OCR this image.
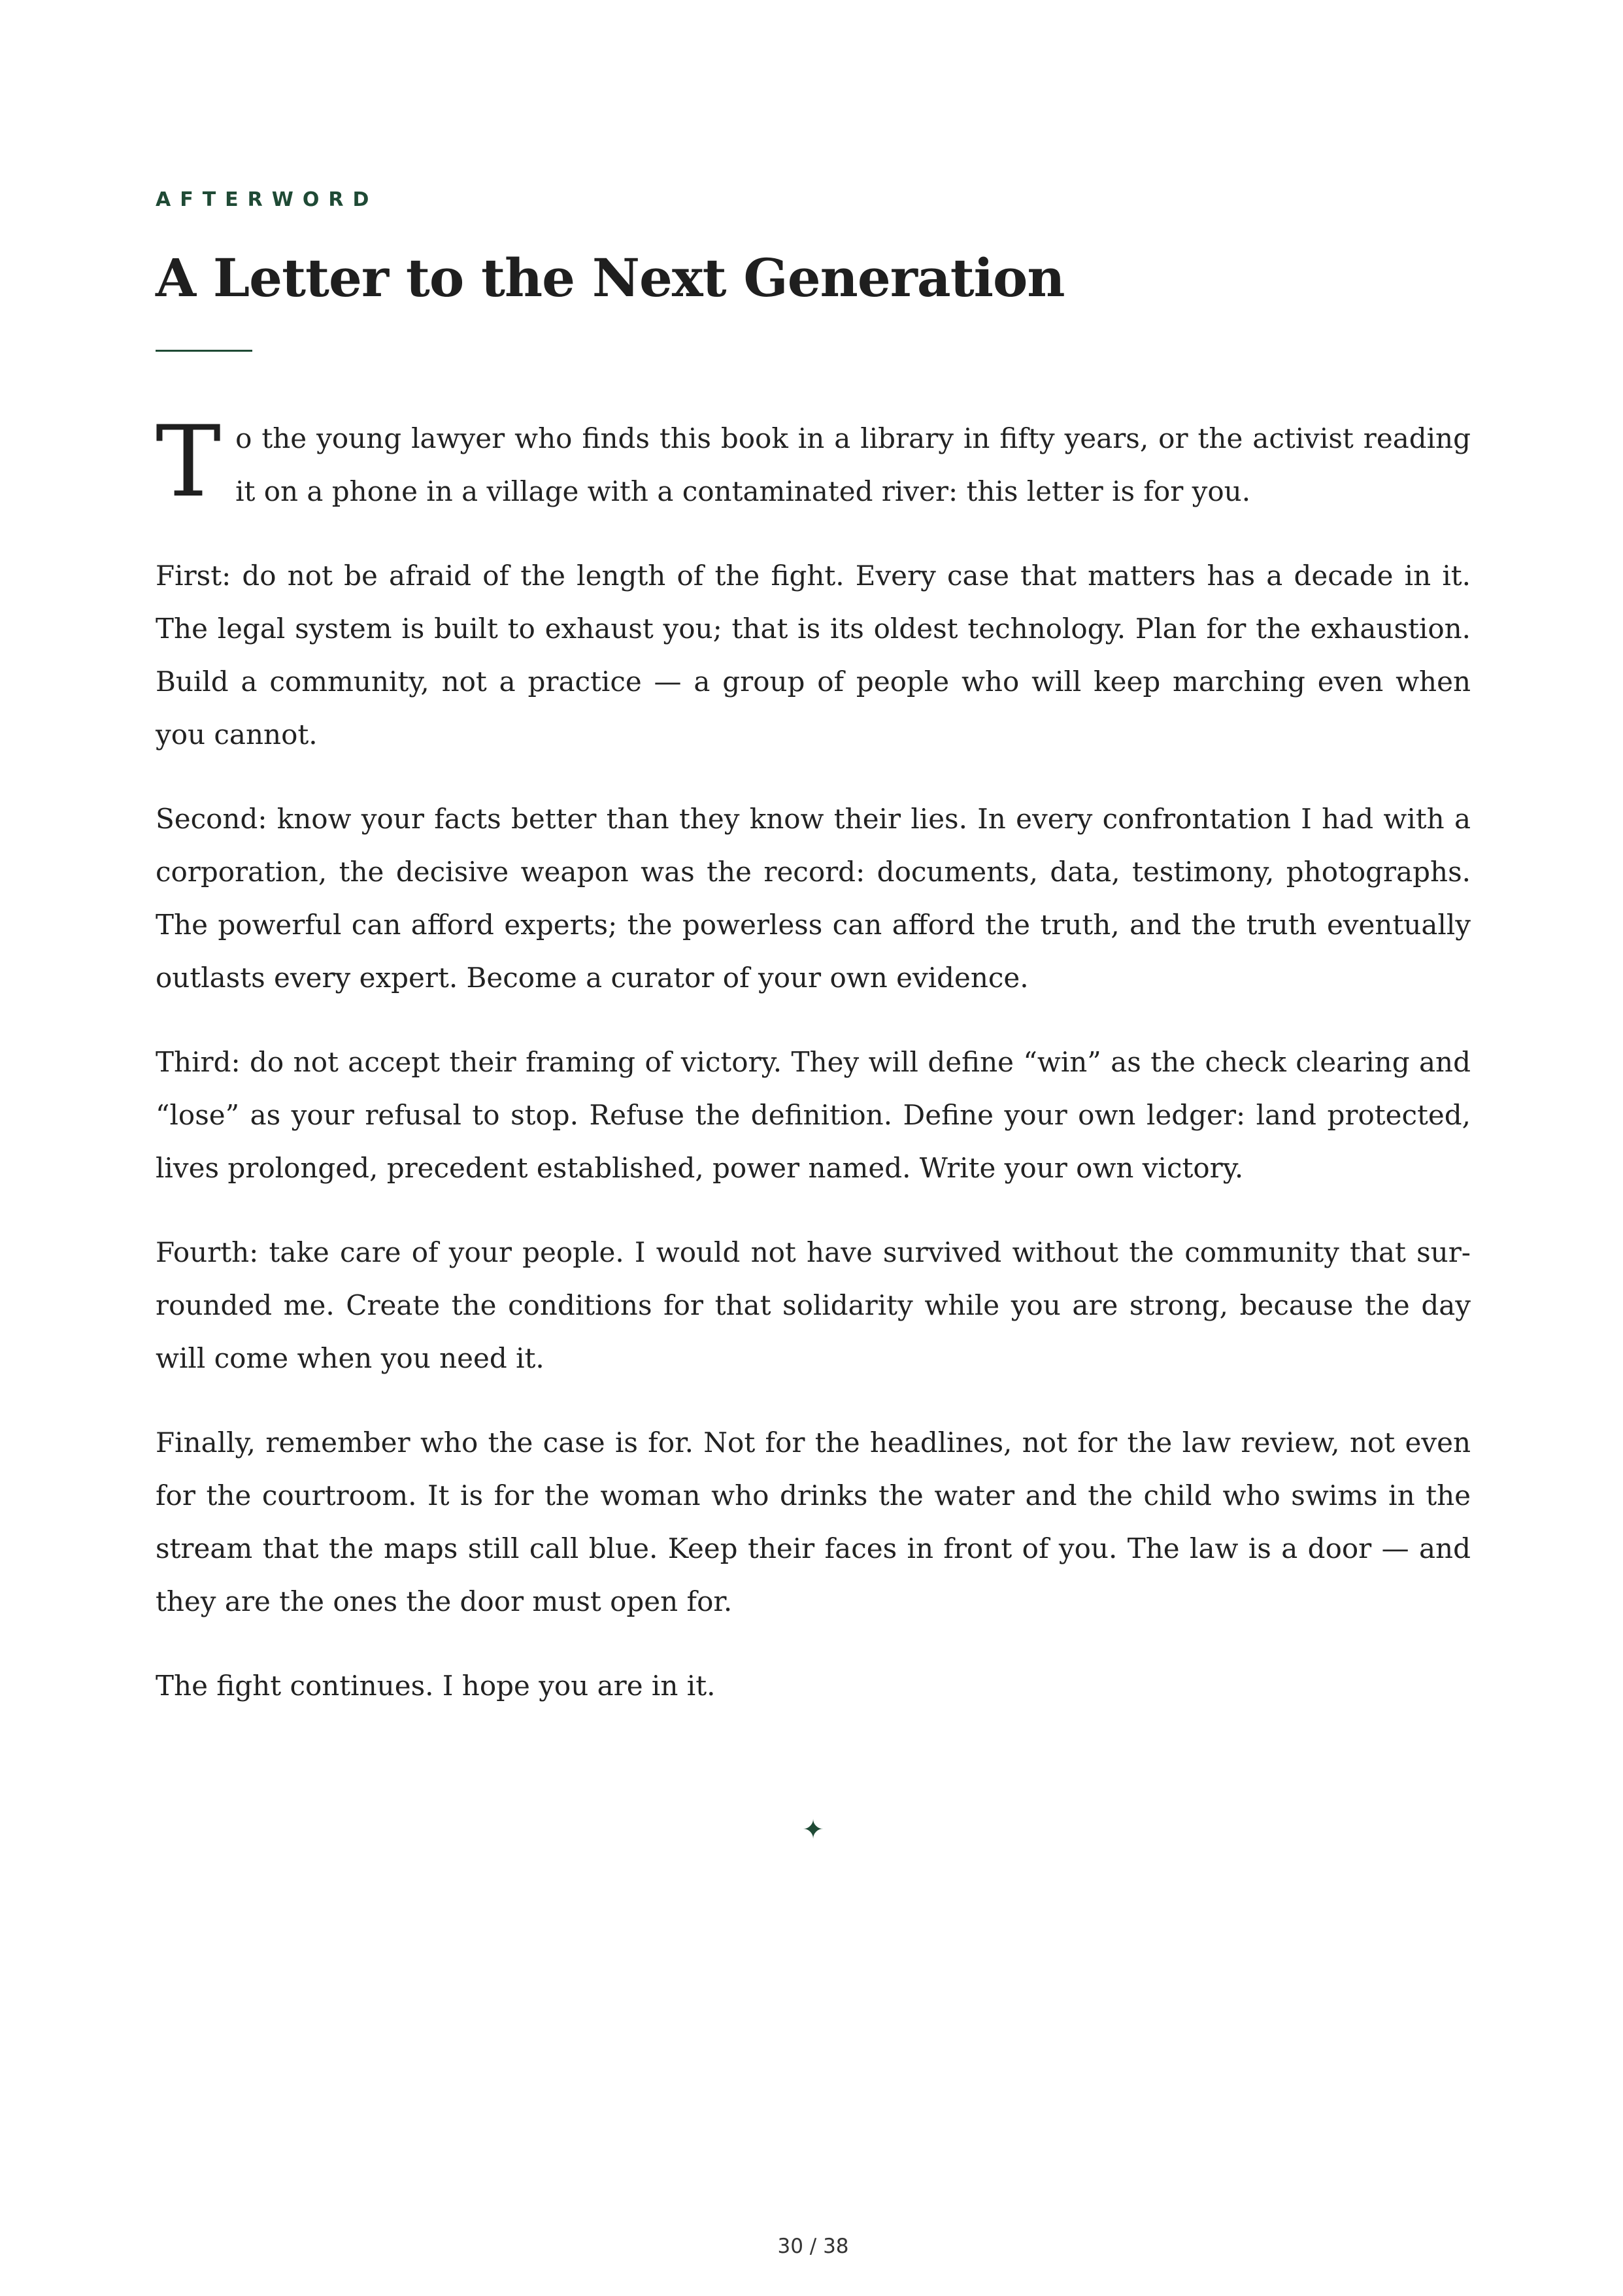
AFTERWORD

A Letter to the Next Generation

To the young lawyer who finds this book in a library in fifty years, or the activist reading it on a phone in a village with a contaminated river: this letter is for you.

First: do not be afraid of the length of the fight. Every case that matters has a decade in it. The legal system is built to exhaust you; that is its oldest technology. Plan for the exhaustion. Build a community, not a practice — a group of people who will keep marching even when you cannot.

Second: know your facts better than they know their lies. In every confrontation I had with a corporation, the decisive weapon was the record: documents, data, testimony, photographs. The powerful can afford experts; the powerless can afford the truth, and the truth eventually outlasts every expert. Become a curator of your own evidence.

Third: do not accept their framing of victory. They will define “win” as the check clearing and “lose” as your refusal to stop. Refuse the definition. Define your own ledger: land protected, lives prolonged, precedent established, power named. Write your own victory.

Fourth: take care of your people. I would not have survived without the community that surrounded me. Create the conditions for that solidarity while you are strong, because the day will come when you need it.

Finally, remember who the case is for. Not for the headlines, not for the law review, not even for the courtroom. It is for the woman who drinks the water and the child who swims in the stream that the maps still call blue. Keep their faces in front of you. The law is a door — and they are the ones the door must open for.

The fight continues. I hope you are in it.

✦
30 / 38
